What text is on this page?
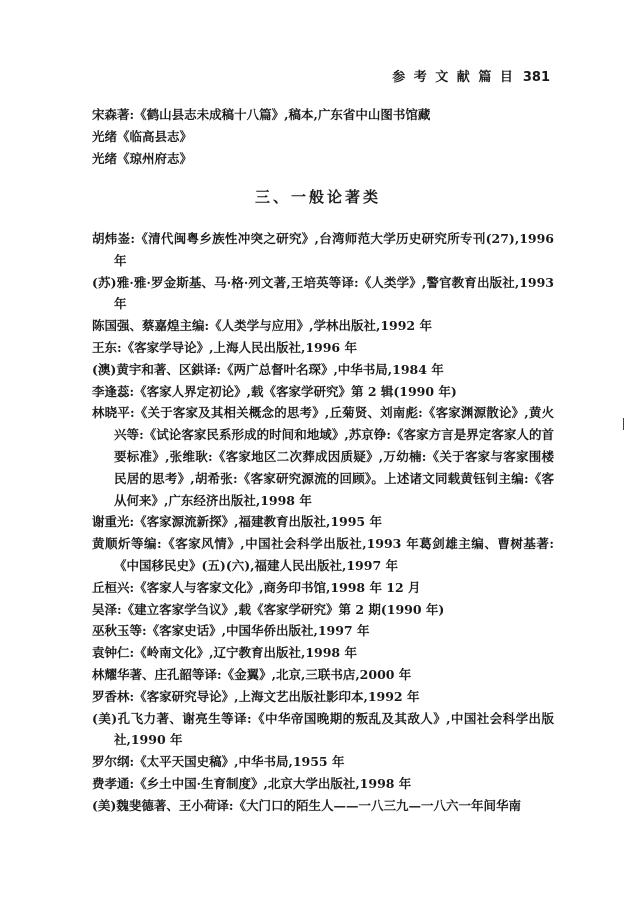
参 考 文 献 篇 目 381
宋森著:《鹤山县志未成稿十八篇》,稿本,广东省中山图书馆藏
光绪《临高县志》
光绪《琼州府志》
三、一般论著类
胡炜崟:《清代闽粤乡族性冲突之研究》,台湾师范大学历史研究所专刊(27),1996 年
(苏)雅·雅·罗金斯基、马·格·列文著,王培英等译:《人类学》,警官教育出版社,1993 年
陈国强、蔡嘉煌主编:《人类学与应用》,学林出版社,1992 年
王东:《客家学导论》,上海人民出版社,1996 年
(澳)黄宇和著、区鉷译:《两广总督叶名琛》,中华书局,1984 年
李逢蕊:《客家人界定初论》,载《客家学研究》第 2 辑(1990 年)
林晓平:《关于客家及其相关概念的思考》,丘菊贤、刘南彪:《客家渊源散论》,黄火兴等:《试论客家民系形成的时间和地域》,苏京铮:《客家方言是界定客家人的首要标准》,张维耿:《客家地区二次葬成因质疑》,万幼楠:《关于客家与客家围楼民居的思考》,胡希张:《客家研究源流的回顾》。上述诸文同载黄钰钊主编:《客从何来》,广东经济出版社,1998 年
谢重光:《客家源流新探》,福建教育出版社,1995 年
黄顺炘等编:《客家风情》,中国社会科学出版社,1993 年葛剑雄主编、曹树基著:《中国移民史》(五)(六),福建人民出版社,1997 年
丘桓兴:《客家人与客家文化》,商务印书馆,1998 年 12 月
吴泽:《建立客家学刍议》,载《客家学研究》第 2 期(1990 年)
巫秋玉等:《客家史话》,中国华侨出版社,1997 年
袁钟仁:《岭南文化》,辽宁教育出版社,1998 年
林耀华著、庄孔韶等译:《金翼》,北京,三联书店,2000 年
罗香林:《客家研究导论》,上海文艺出版社影印本,1992 年
(美)孔飞力著、谢亮生等译:《中华帝国晚期的叛乱及其敌人》,中国社会科学出版社,1990 年
罗尔纲:《太平天国史稿》,中华书局,1955 年
费孝通:《乡土中国·生育制度》,北京大学出版社,1998 年
(美)魏斐德著、王小荷译:《大门口的陌生人——一八三九—一八六一年间华南
